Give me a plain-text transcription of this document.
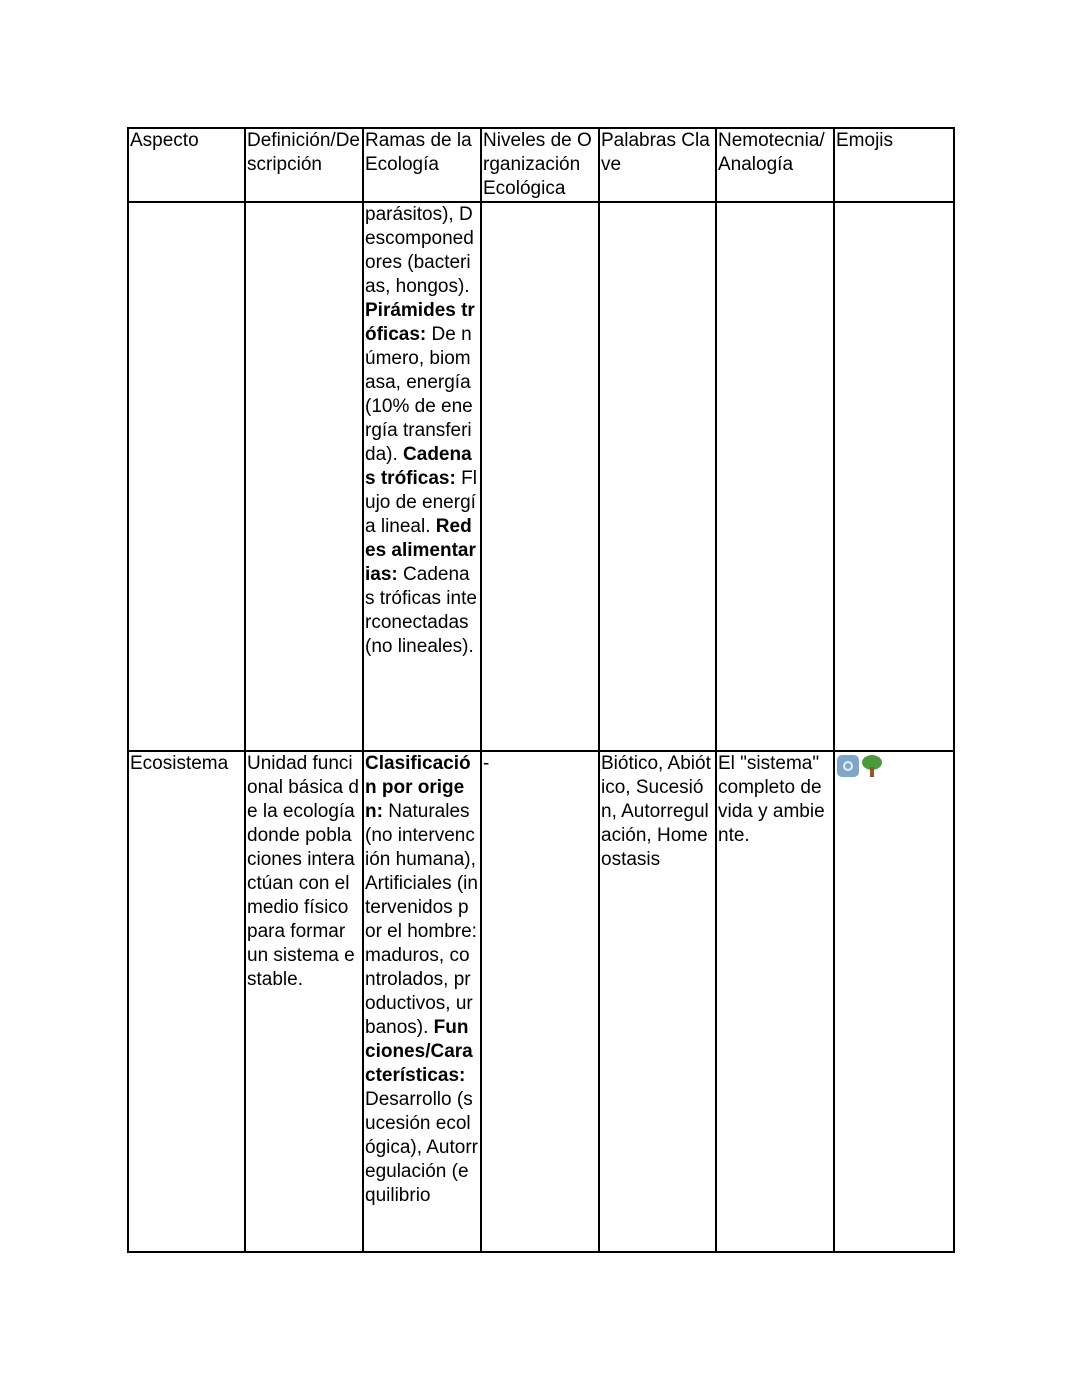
Aspecto	Definición/Descripción	Ramas de la Ecología	Niveles de Organización Ecológica	Palabras Clave	Nemotecnia/ Analogía	Emojis
		parásitos), Descomponedores (bacterias, hongos). Pirámides tróficas: De número, biomasa, energía (10% de energía transferida). Cadenas tróficas: Flujo de energía lineal. Redes alimentarias: Cadenas tróficas interconectadas (no lineales).				
Ecosistema	Unidad funcional básica de la ecología donde poblaciones interactúan con el medio físico para formar un sistema estable.	Clasificación por origen: Naturales (no intervención humana), Artificiales (intervenidos por el hombre: maduros, controlados, productivos, urbanos). Funciones/Características: Desarrollo (sucesión ecológica), Autorregulación (equilibrio	-	Biótico, Abiótico, Sucesión, Autorregulación, Homeostasis	El "sistema" completo de vida y ambiente.	
